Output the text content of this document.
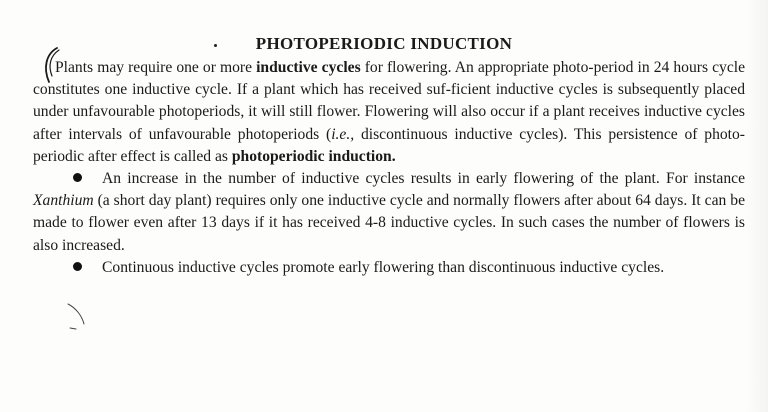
PHOTOPERIODIC INDUCTION

Plants may require one or more inductive cycles for flowering. An appropriate photo-period in 24 hours cycle constitutes one inductive cycle. If a plant which has received suf-ficient inductive cycles is subsequently placed under unfavourable photoperiods, it will still flower. Flowering will also occur if a plant receives inductive cycles after intervals of unfavourable photoperiods (i.e., discontinuous inductive cycles). This persistence of photo-periodic after effect is called as photoperiodic induction.

An increase in the number of inductive cycles results in early flowering of the plant. For instance Xanthium (a short day plant) requires only one inductive cycle and normally flowers after about 64 days. It can be made to flower even after 13 days if it has received 4-8 inductive cycles. In such cases the number of flowers is also increased.

Continuous inductive cycles promote early flowering than discontinuous inductive cycles.
